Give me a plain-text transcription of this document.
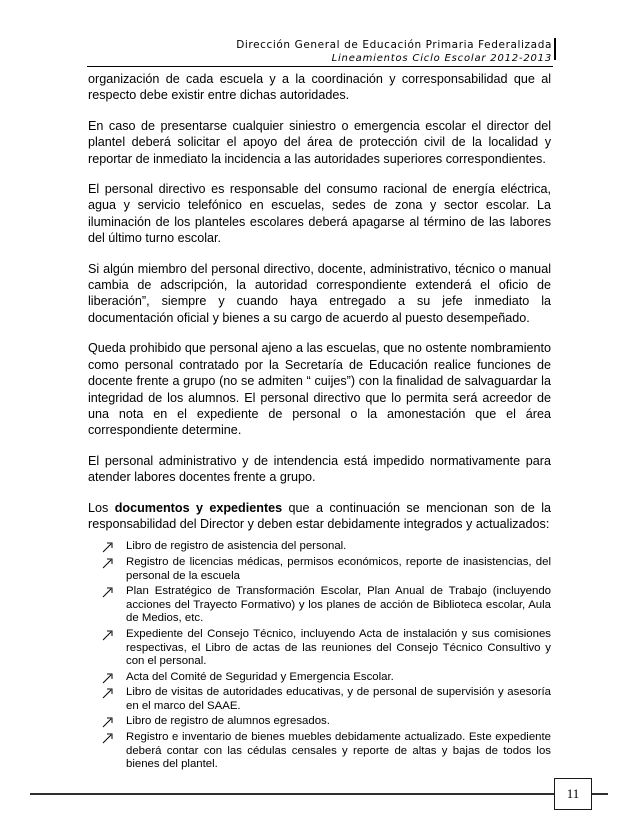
Dirección General de Educación Primaria Federalizada
Lineamientos Ciclo Escolar 2012-2013

organización de cada escuela y a la coordinación y corresponsabilidad que al respecto debe existir entre dichas autoridades.

En caso de presentarse cualquier siniestro o emergencia escolar el director del plantel deberá solicitar el apoyo del área de protección civil de la localidad y reportar de inmediato la incidencia a las autoridades superiores correspondientes.

El personal directivo es responsable del consumo racional de energía eléctrica, agua y servicio telefónico en escuelas, sedes de zona y sector escolar. La iluminación de los planteles escolares deberá apagarse al término de las labores del último turno escolar.

Si algún miembro del personal directivo, docente, administrativo, técnico o manual cambia de adscripción, la autoridad correspondiente extenderá el oficio de liberación”, siempre y cuando haya entregado a su jefe inmediato la documentación oficial y bienes a su cargo de acuerdo al puesto desempeñado.

Queda prohibido que personal ajeno a las escuelas, que no ostente nombramiento como personal contratado por la Secretaría de Educación realice funciones de docente frente a grupo (no se admiten “ cuijes”) con la finalidad de salvaguardar la integridad de los alumnos. El personal directivo que lo permita será acreedor de una nota en el expediente de personal o la amonestación que el área correspondiente determine.

El personal administrativo y de intendencia está impedido normativamente para atender labores docentes frente a grupo.

Los documentos y expedientes que a continuación se mencionan son de la responsabilidad del Director y deben estar debidamente integrados y actualizados:

Libro de registro de asistencia del personal.
Registro de licencias médicas, permisos económicos, reporte de inasistencias, del personal de la escuela
Plan Estratégico de Transformación Escolar, Plan Anual de Trabajo (incluyendo acciones del Trayecto Formativo) y los planes de acción de Biblioteca escolar, Aula de Medios, etc.
Expediente del Consejo Técnico, incluyendo Acta de instalación y sus comisiones respectivas, el Libro de actas de las reuniones del Consejo Técnico Consultivo y con el personal.
Acta del Comité de Seguridad y Emergencia Escolar.
Libro de visitas de autoridades educativas, y de personal de supervisión y asesoría en el marco del SAAE.
Libro de registro de alumnos egresados.
Registro e inventario de bienes muebles debidamente actualizado. Este expediente deberá contar con las cédulas censales y reporte de altas y bajas de todos los bienes del plantel.
11
